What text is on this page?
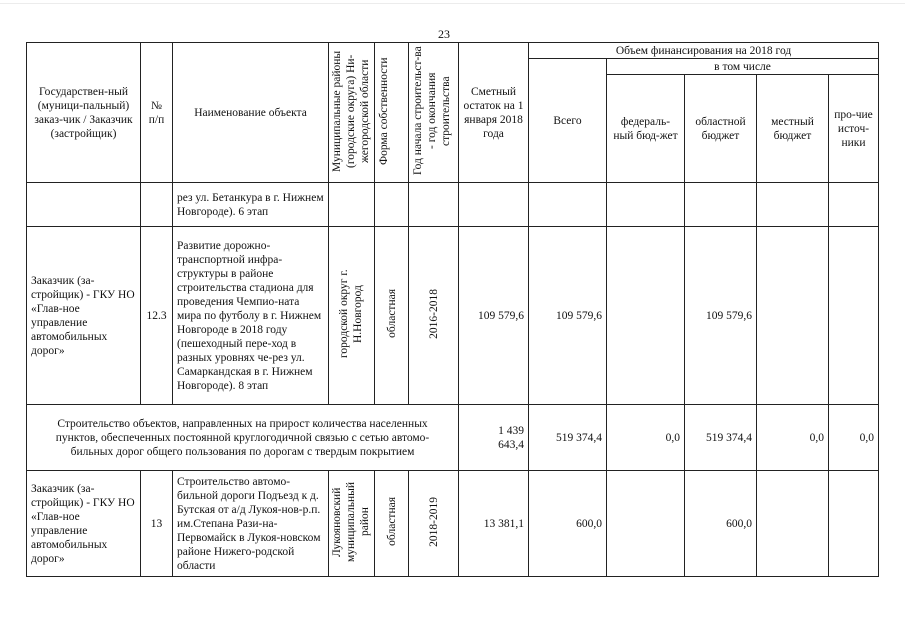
23
Государствен-ный (муници-пальный) заказ-чик / Заказчик (застройщик)	№ п/п	Наименование объекта	Муниципальные районы (городские округа) Ни-жегородской области	Форма собственности	Год начала строительст-ва - год окончания строительства	Сметный остаток на 1 января 2018 года	Объем финансирования на 2018 год				
							Всего	в том числе			
								федераль-ный бюд-жет	областной бюджет	местный бюджет	про-чие источ-ники
		рез ул. Бетанкура в г. Нижнем Новгороде). 6 этап									
Заказчик (за-стройщик) - ГКУ НО «Глав-ное управление автомобильных дорог»	12.3	Развитие дорожно-транспортной инфра-структуры в районе строительства стадиона для проведения Чемпио-ната мира по футболу в г. Нижнем Новгороде в 2018 году (пешеходный пере-ход в разных уровнях че-рез ул. Самаркандская в г. Нижнем Новгороде). 8 этап	городской округ г. Н.Новгород	областная	2016-2018	109 579,6	109 579,6		109 579,6		
Строительство объектов, направленных на прирост количества населенных пунктов, обеспеченных постоянной круглогодичной связью с сетью автомо-бильных дорог общего пользования по дорогам с твердым покрытием						1 439 643,4	519 374,4	0,0	519 374,4	0,0	0,0
Заказчик (за-стройщик) - ГКУ НО «Глав-ное управление автомобильных дорог»	13	Строительство автомо-бильной дороги Подъезд к д. Бутская от а/д Лукоя-нов-р.п. им.Степана Рази-на-Первомайск в Лукоя-новском районе Нижего-родской области	Лукояновский муниципальный район	областная	2018-2019	13 381,1	600,0		600,0		
